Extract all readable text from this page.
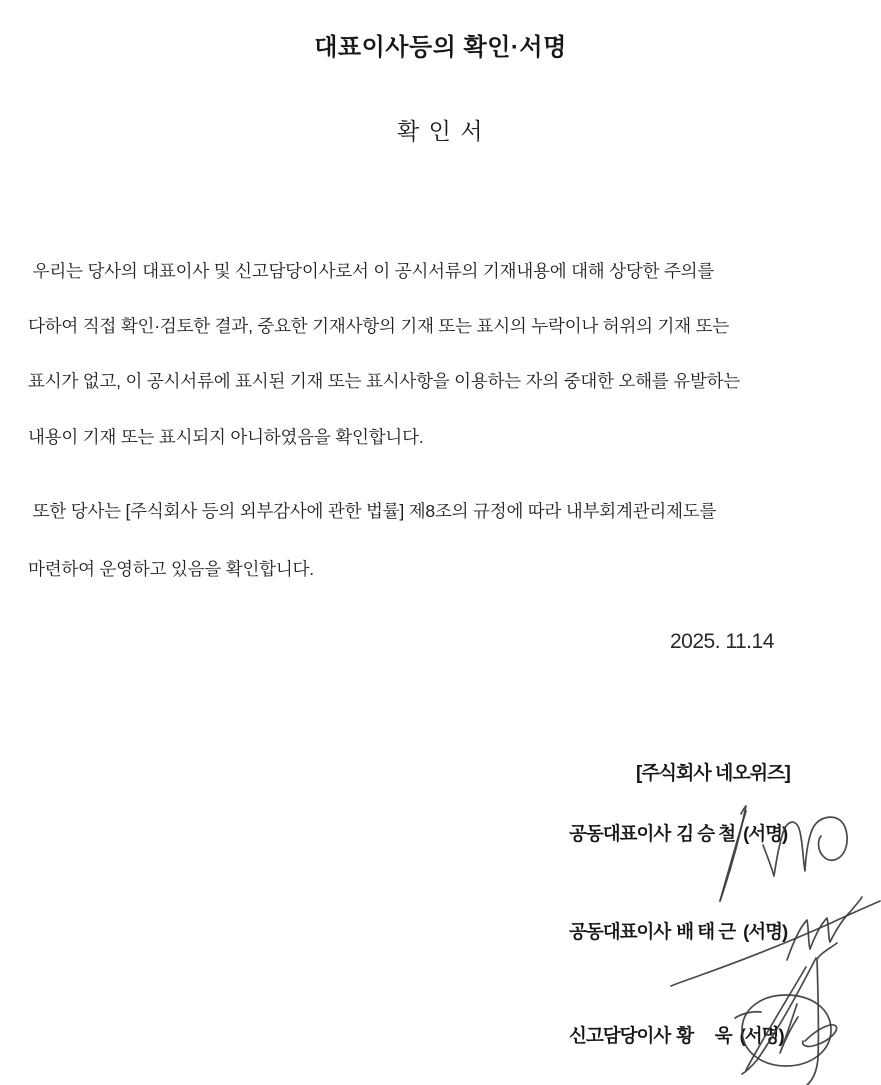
대표이사등의 확인·서명
확 인 서

우리는 당사의 대표이사 및 신고담당이사로서 이 공시서류의 기재내용에 대해 상당한 주의를

다하여 직접 확인·검토한 결과, 중요한 기재사항의 기재 또는 표시의 누락이나 허위의 기재 또는

표시가 없고, 이 공시서류에 표시된 기재 또는 표시사항을 이용하는 자의 중대한 오해를 유발하는

내용이 기재 또는 표시되지 아니하였음을 확인합니다.

또한 당사는 [주식회사 등의 외부감사에 관한 법률] 제8조의 규정에 따라 내부회계관리제도를

마련하여 운영하고 있음을 확인합니다.

2025. 11.14
[주식회사 네오위즈]
공동대표이사 김 승 철 (서명)
공동대표이사 배 태 근 (서명)
신고담당이사 황　 욱 (서명)
